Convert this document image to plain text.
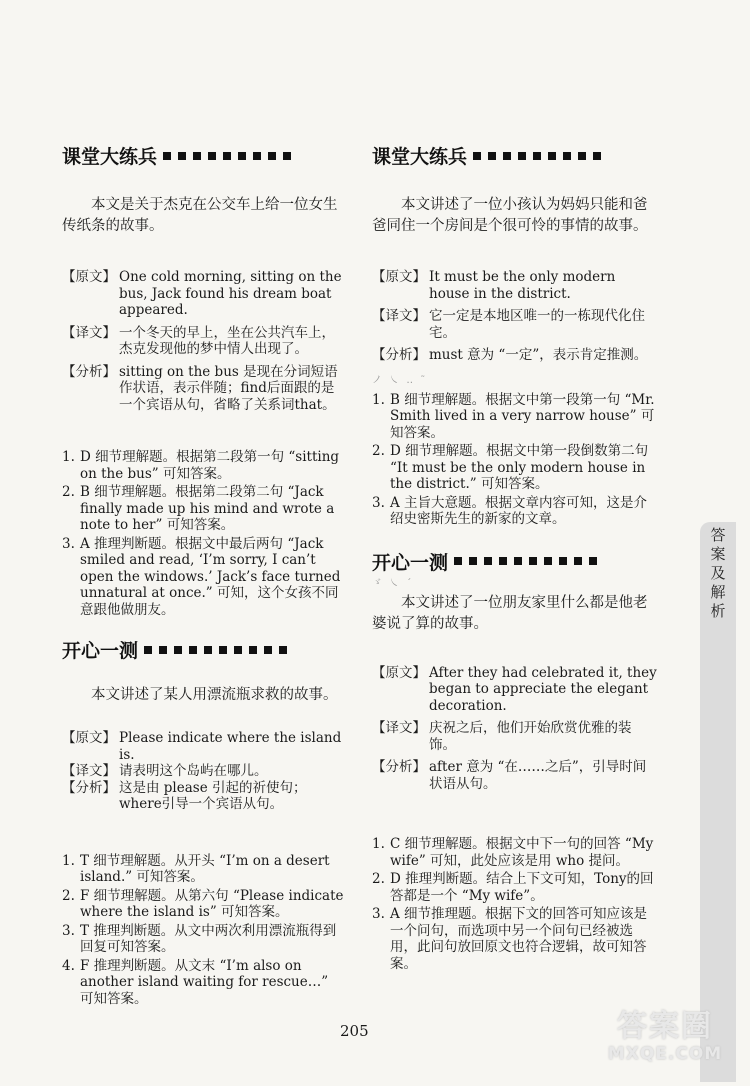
课堂大练兵

本文是关于杰克在公交车上给一位女生传纸条的故事。

【原文】 One cold morning, sitting on the bus, Jack found his dream boat appeared.
【译文】 一个冬天的早上，坐在公共汽车上，杰克发现他的梦中情人出现了。
【分析】 sitting on the bus 是现在分词短语作状语，表示伴随；find后面跟的是一个宾语从句，省略了关系词that。
1. D 细节理解题。根据第二段第一句 “sitting on the bus” 可知答案。
2. B 细节理解题。根据第二段第二句 “Jack finally made up his mind and wrote a note to her” 可知答案。
3. A 推理判断题。根据文中最后两句 “Jack smiled and read, ‘I’m sorry, I can’t open the windows.’ Jack’s face turned unnatural at once.” 可知，这个女孩不同意跟他做朋友。
开心一测

本文讲述了某人用漂流瓶求救的故事。

【原文】 Please indicate where the island is.
【译文】 请表明这个岛屿在哪儿。
【分析】 这是由 please 引起的祈使句；where引导一个宾语从句。
1. T 细节理解题。从开头 “I’m on a desert island.” 可知答案。
2. F 细节理解题。从第六句 “Please indicate where the island is” 可知答案。
3. T 推理判断题。从文中两次利用漂流瓶得到回复可知答案。
4. F 推理判断题。从文末 “I’m also on another island waiting for rescue…” 可知答案。
课堂大练兵

本文讲述了一位小孩认为妈妈只能和爸爸同住一个房间是个很可怜的事情的故事。

【原文】 It must be the only modern house in the district.
【译文】 它一定是本地区唯一的一栋现代化住宅。
【分析】 must 意为 “一定”，表示肯定推测。
ノ ㇏ ‥ ˜
1. B 细节理解题。根据文中第一段第一句 “Mr. Smith lived in a very narrow house” 可知答案。
2. D 细节理解题。根据文中第一段倒数第二句 “It must be the only modern house in the district.” 可知答案。
3. A 主旨大意题。根据文章内容可知，这是介绍史密斯先生的新家的文章。
开心一测
ゞ ㇏ ˊ

本文讲述了一位朋友家里什么都是他老婆说了算的故事。

【原文】 After they had celebrated it, they began to appreciate the elegant decoration.
【译文】 庆祝之后，他们开始欣赏优雅的装饰。
【分析】 after 意为 “在……之后”，引导时间状语从句。
1. C 细节理解题。根据文中下一句的回答 “My wife” 可知，此处应该是用 who 提问。
2. D 推理判断题。结合上下文可知，Tony的回答都是一个 “My wife”。
3. A 细节推理题。根据下文的回答可知应该是一个问句，而选项中另一个问句已经被选用，此问句放回原文也符合逻辑，故可知答案。
答案及解析
205	答案圈
MXQE.COM
